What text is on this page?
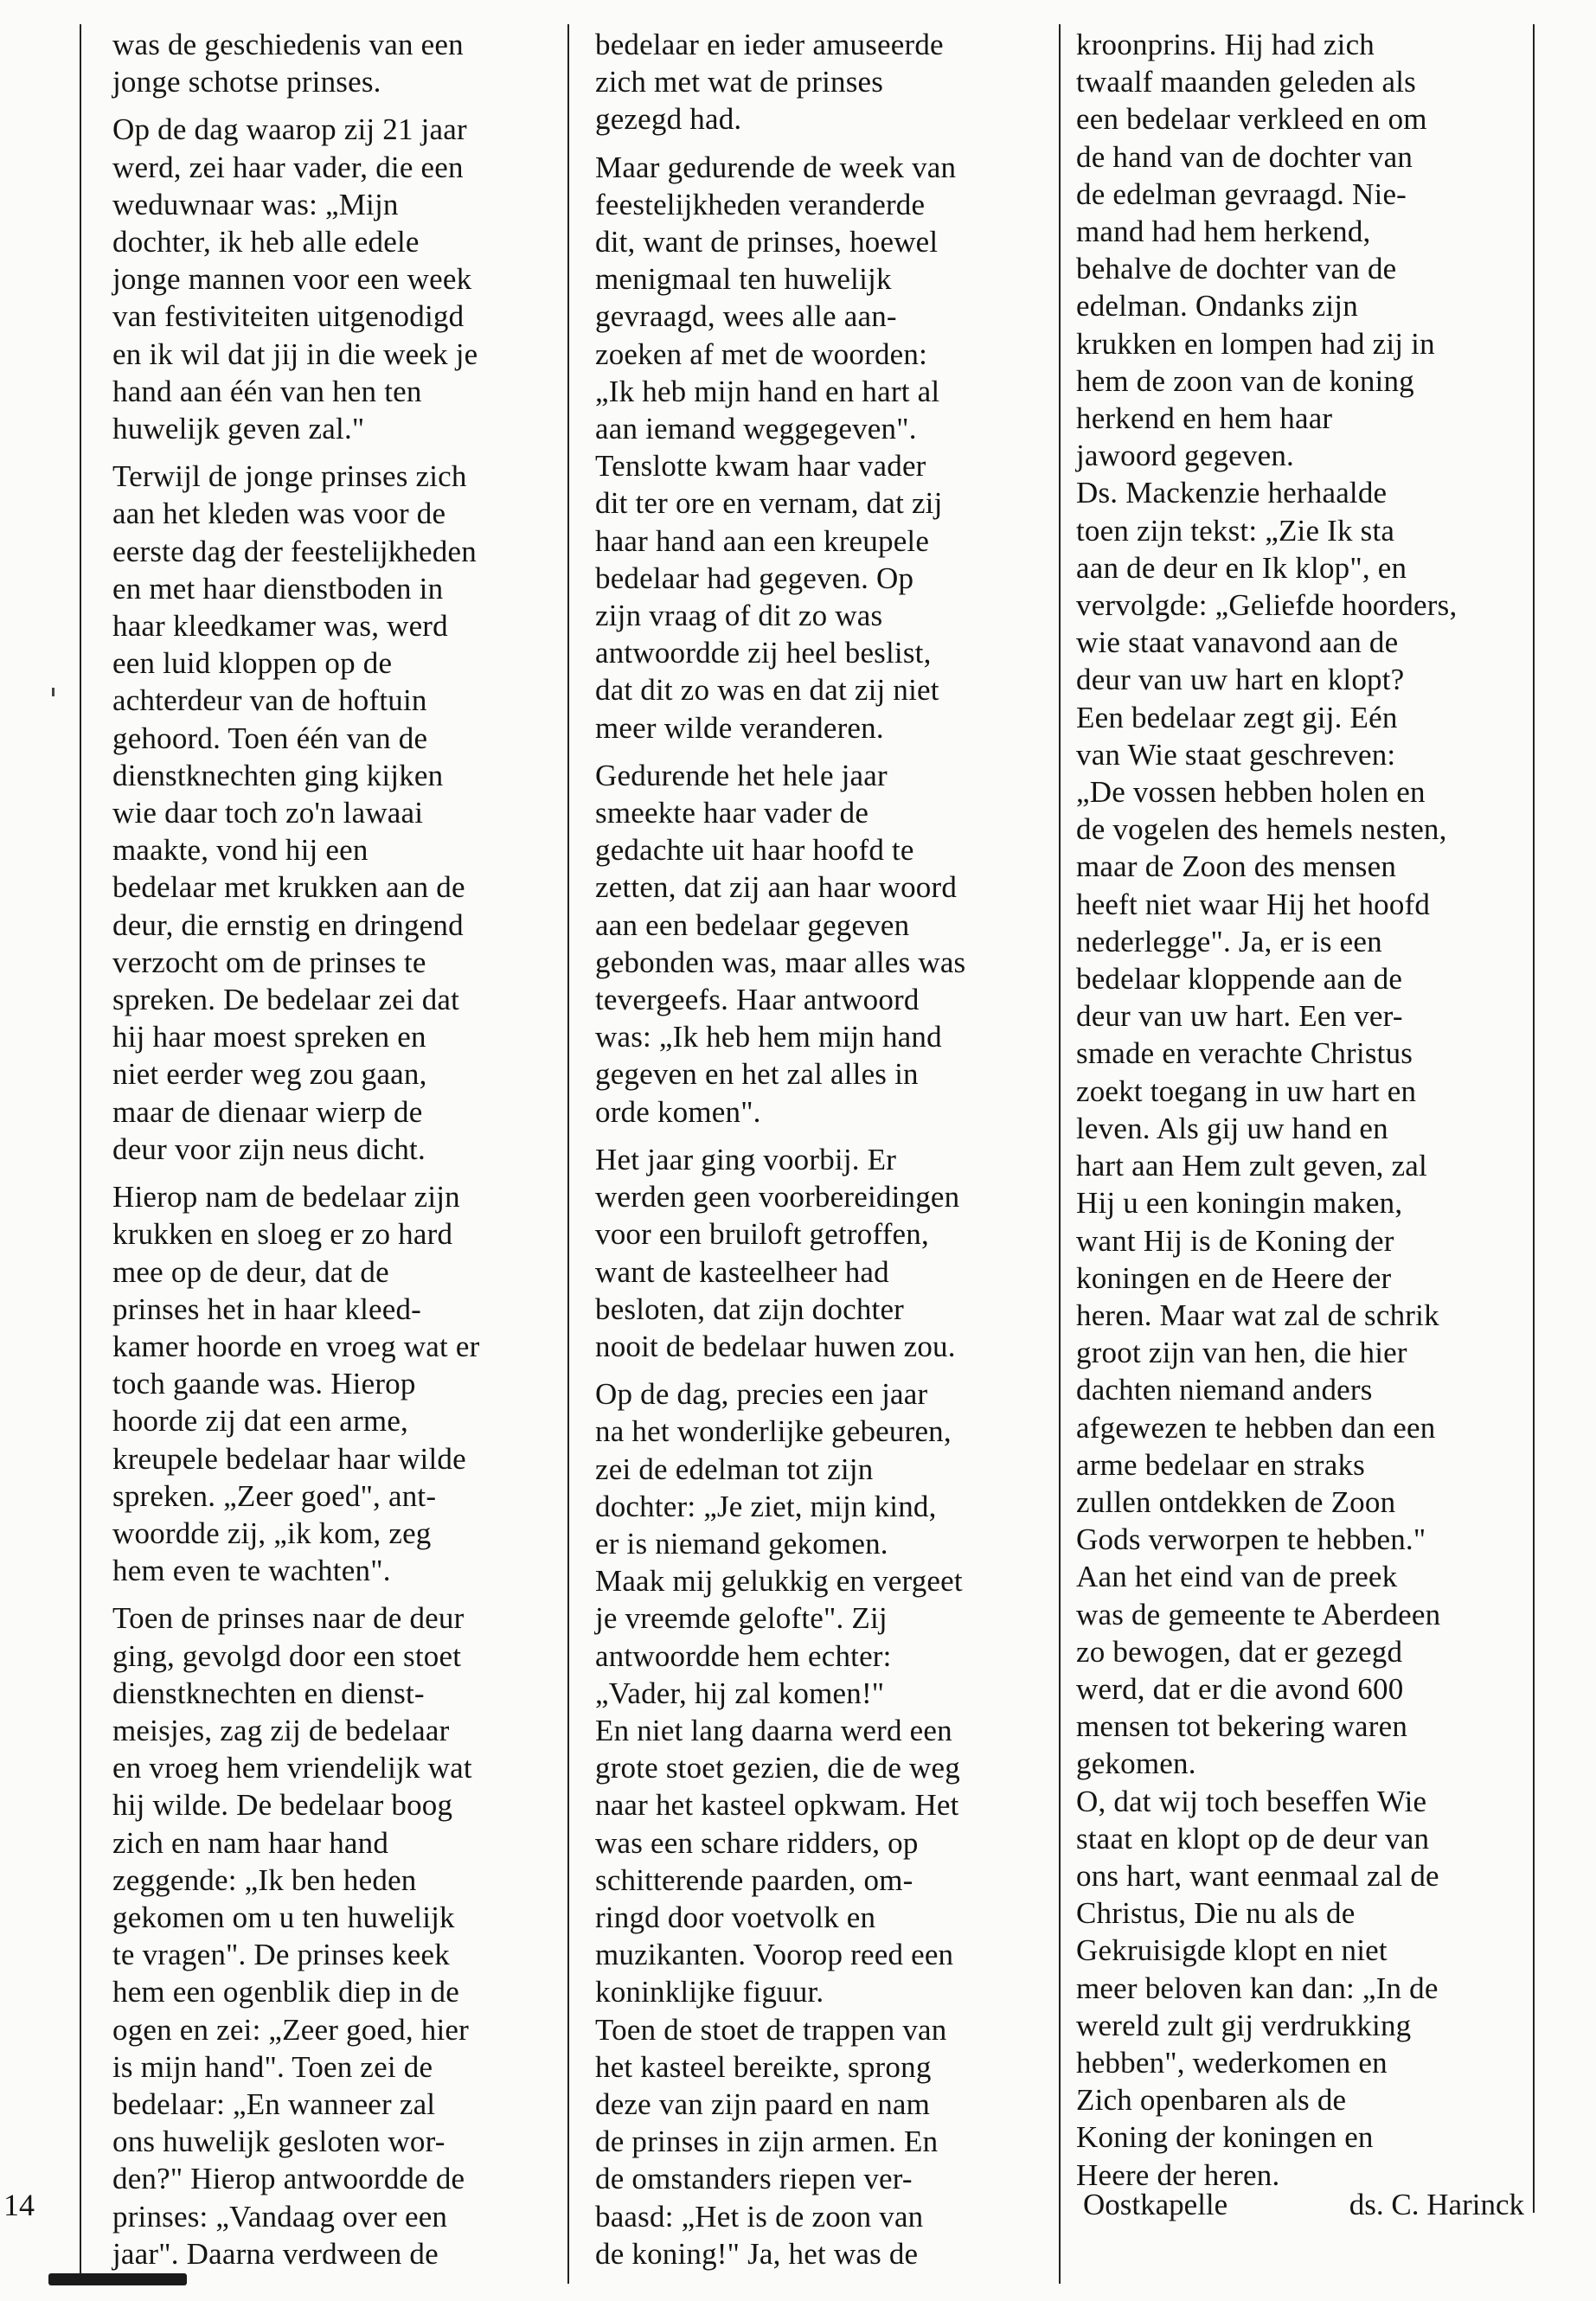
was de geschiedenis van een
jonge schotse prinses.

Op de dag waarop zij 21 jaar
werd, zei haar vader, die een
weduwnaar was: „Mijn
dochter, ik heb alle edele
jonge mannen voor een week
van festiviteiten uitgenodigd
en ik wil dat jij in die week je
hand aan één van hen ten
huwelijk geven zal."

Terwijl de jonge prinses zich
aan het kleden was voor de
eerste dag der feestelijkheden
en met haar dienstboden in
haar kleedkamer was, werd
een luid kloppen op de
achterdeur van de hoftuin
gehoord. Toen één van de
dienstknechten ging kijken
wie daar toch zo'n lawaai
maakte, vond hij een
bedelaar met krukken aan de
deur, die ernstig en dringend
verzocht om de prinses te
spreken. De bedelaar zei dat
hij haar moest spreken en
niet eerder weg zou gaan,
maar de dienaar wierp de
deur voor zijn neus dicht.

Hierop nam de bedelaar zijn
krukken en sloeg er zo hard
mee op de deur, dat de
prinses het in haar kleed-
kamer hoorde en vroeg wat er
toch gaande was. Hierop
hoorde zij dat een arme,
kreupele bedelaar haar wilde
spreken. „Zeer goed", ant-
woordde zij, „ik kom, zeg
hem even te wachten".

Toen de prinses naar de deur
ging, gevolgd door een stoet
dienstknechten en dienst-
meisjes, zag zij de bedelaar
en vroeg hem vriendelijk wat
hij wilde. De bedelaar boog
zich en nam haar hand
zeggende: „Ik ben heden
gekomen om u ten huwelijk
te vragen". De prinses keek
hem een ogenblik diep in de
ogen en zei: „Zeer goed, hier
is mijn hand". Toen zei de
bedelaar: „En wanneer zal
ons huwelijk gesloten wor-
den?" Hierop antwoordde de
prinses: „Vandaag over een
jaar". Daarna verdween de

bedelaar en ieder amuseerde
zich met wat de prinses
gezegd had.

Maar gedurende de week van
feestelijkheden veranderde
dit, want de prinses, hoewel
menigmaal ten huwelijk
gevraagd, wees alle aan-
zoeken af met de woorden:
„Ik heb mijn hand en hart al
aan iemand weggegeven".
Tenslotte kwam haar vader
dit ter ore en vernam, dat zij
haar hand aan een kreupele
bedelaar had gegeven. Op
zijn vraag of dit zo was
antwoordde zij heel beslist,
dat dit zo was en dat zij niet
meer wilde veranderen.

Gedurende het hele jaar
smeekte haar vader de
gedachte uit haar hoofd te
zetten, dat zij aan haar woord
aan een bedelaar gegeven
gebonden was, maar alles was
tevergeefs. Haar antwoord
was: „Ik heb hem mijn hand
gegeven en het zal alles in
orde komen".

Het jaar ging voorbij. Er
werden geen voorbereidingen
voor een bruiloft getroffen,
want de kasteelheer had
besloten, dat zijn dochter
nooit de bedelaar huwen zou.

Op de dag, precies een jaar
na het wonderlijke gebeuren,
zei de edelman tot zijn
dochter: „Je ziet, mijn kind,
er is niemand gekomen.
Maak mij gelukkig en vergeet
je vreemde gelofte". Zij
antwoordde hem echter:
„Vader, hij zal komen!"
En niet lang daarna werd een
grote stoet gezien, die de weg
naar het kasteel opkwam. Het
was een schare ridders, op
schitterende paarden, om-
ringd door voetvolk en
muzikanten. Voorop reed een
koninklijke figuur.
Toen de stoet de trappen van
het kasteel bereikte, sprong
deze van zijn paard en nam
de prinses in zijn armen. En
de omstanders riepen ver-
baasd: „Het is de zoon van
de koning!" Ja, het was de

kroonprins. Hij had zich
twaalf maanden geleden als
een bedelaar verkleed en om
de hand van de dochter van
de edelman gevraagd. Nie-
mand had hem herkend,
behalve de dochter van de
edelman. Ondanks zijn
krukken en lompen had zij in
hem de zoon van de koning
herkend en hem haar
jawoord gegeven.
Ds. Mackenzie herhaalde
toen zijn tekst: „Zie Ik sta
aan de deur en Ik klop", en
vervolgde: „Geliefde hoorders,
wie staat vanavond aan de
deur van uw hart en klopt?
Een bedelaar zegt gij. Eén
van Wie staat geschreven:
„De vossen hebben holen en
de vogelen des hemels nesten,
maar de Zoon des mensen
heeft niet waar Hij het hoofd
nederlegge". Ja, er is een
bedelaar kloppende aan de
deur van uw hart. Een ver-
smade en verachte Christus
zoekt toegang in uw hart en
leven. Als gij uw hand en
hart aan Hem zult geven, zal
Hij u een koningin maken,
want Hij is de Koning der
koningen en de Heere der
heren. Maar wat zal de schrik
groot zijn van hen, die hier
dachten niemand anders
afgewezen te hebben dan een
arme bedelaar en straks
zullen ontdekken de Zoon
Gods verworpen te hebben."
Aan het eind van de preek
was de gemeente te Aberdeen
zo bewogen, dat er gezegd
werd, dat er die avond 600
mensen tot bekering waren
gekomen.
O, dat wij toch beseffen Wie
staat en klopt op de deur van
ons hart, want eenmaal zal de
Christus, Die nu als de
Gekruisigde klopt en niet
meer beloven kan dan: „In de
wereld zult gij verdrukking
hebben", wederkomen en
Zich openbaren als de
Koning der koningen en
Heere der heren.

14	Oostkapelle	ds. C. Harinck
